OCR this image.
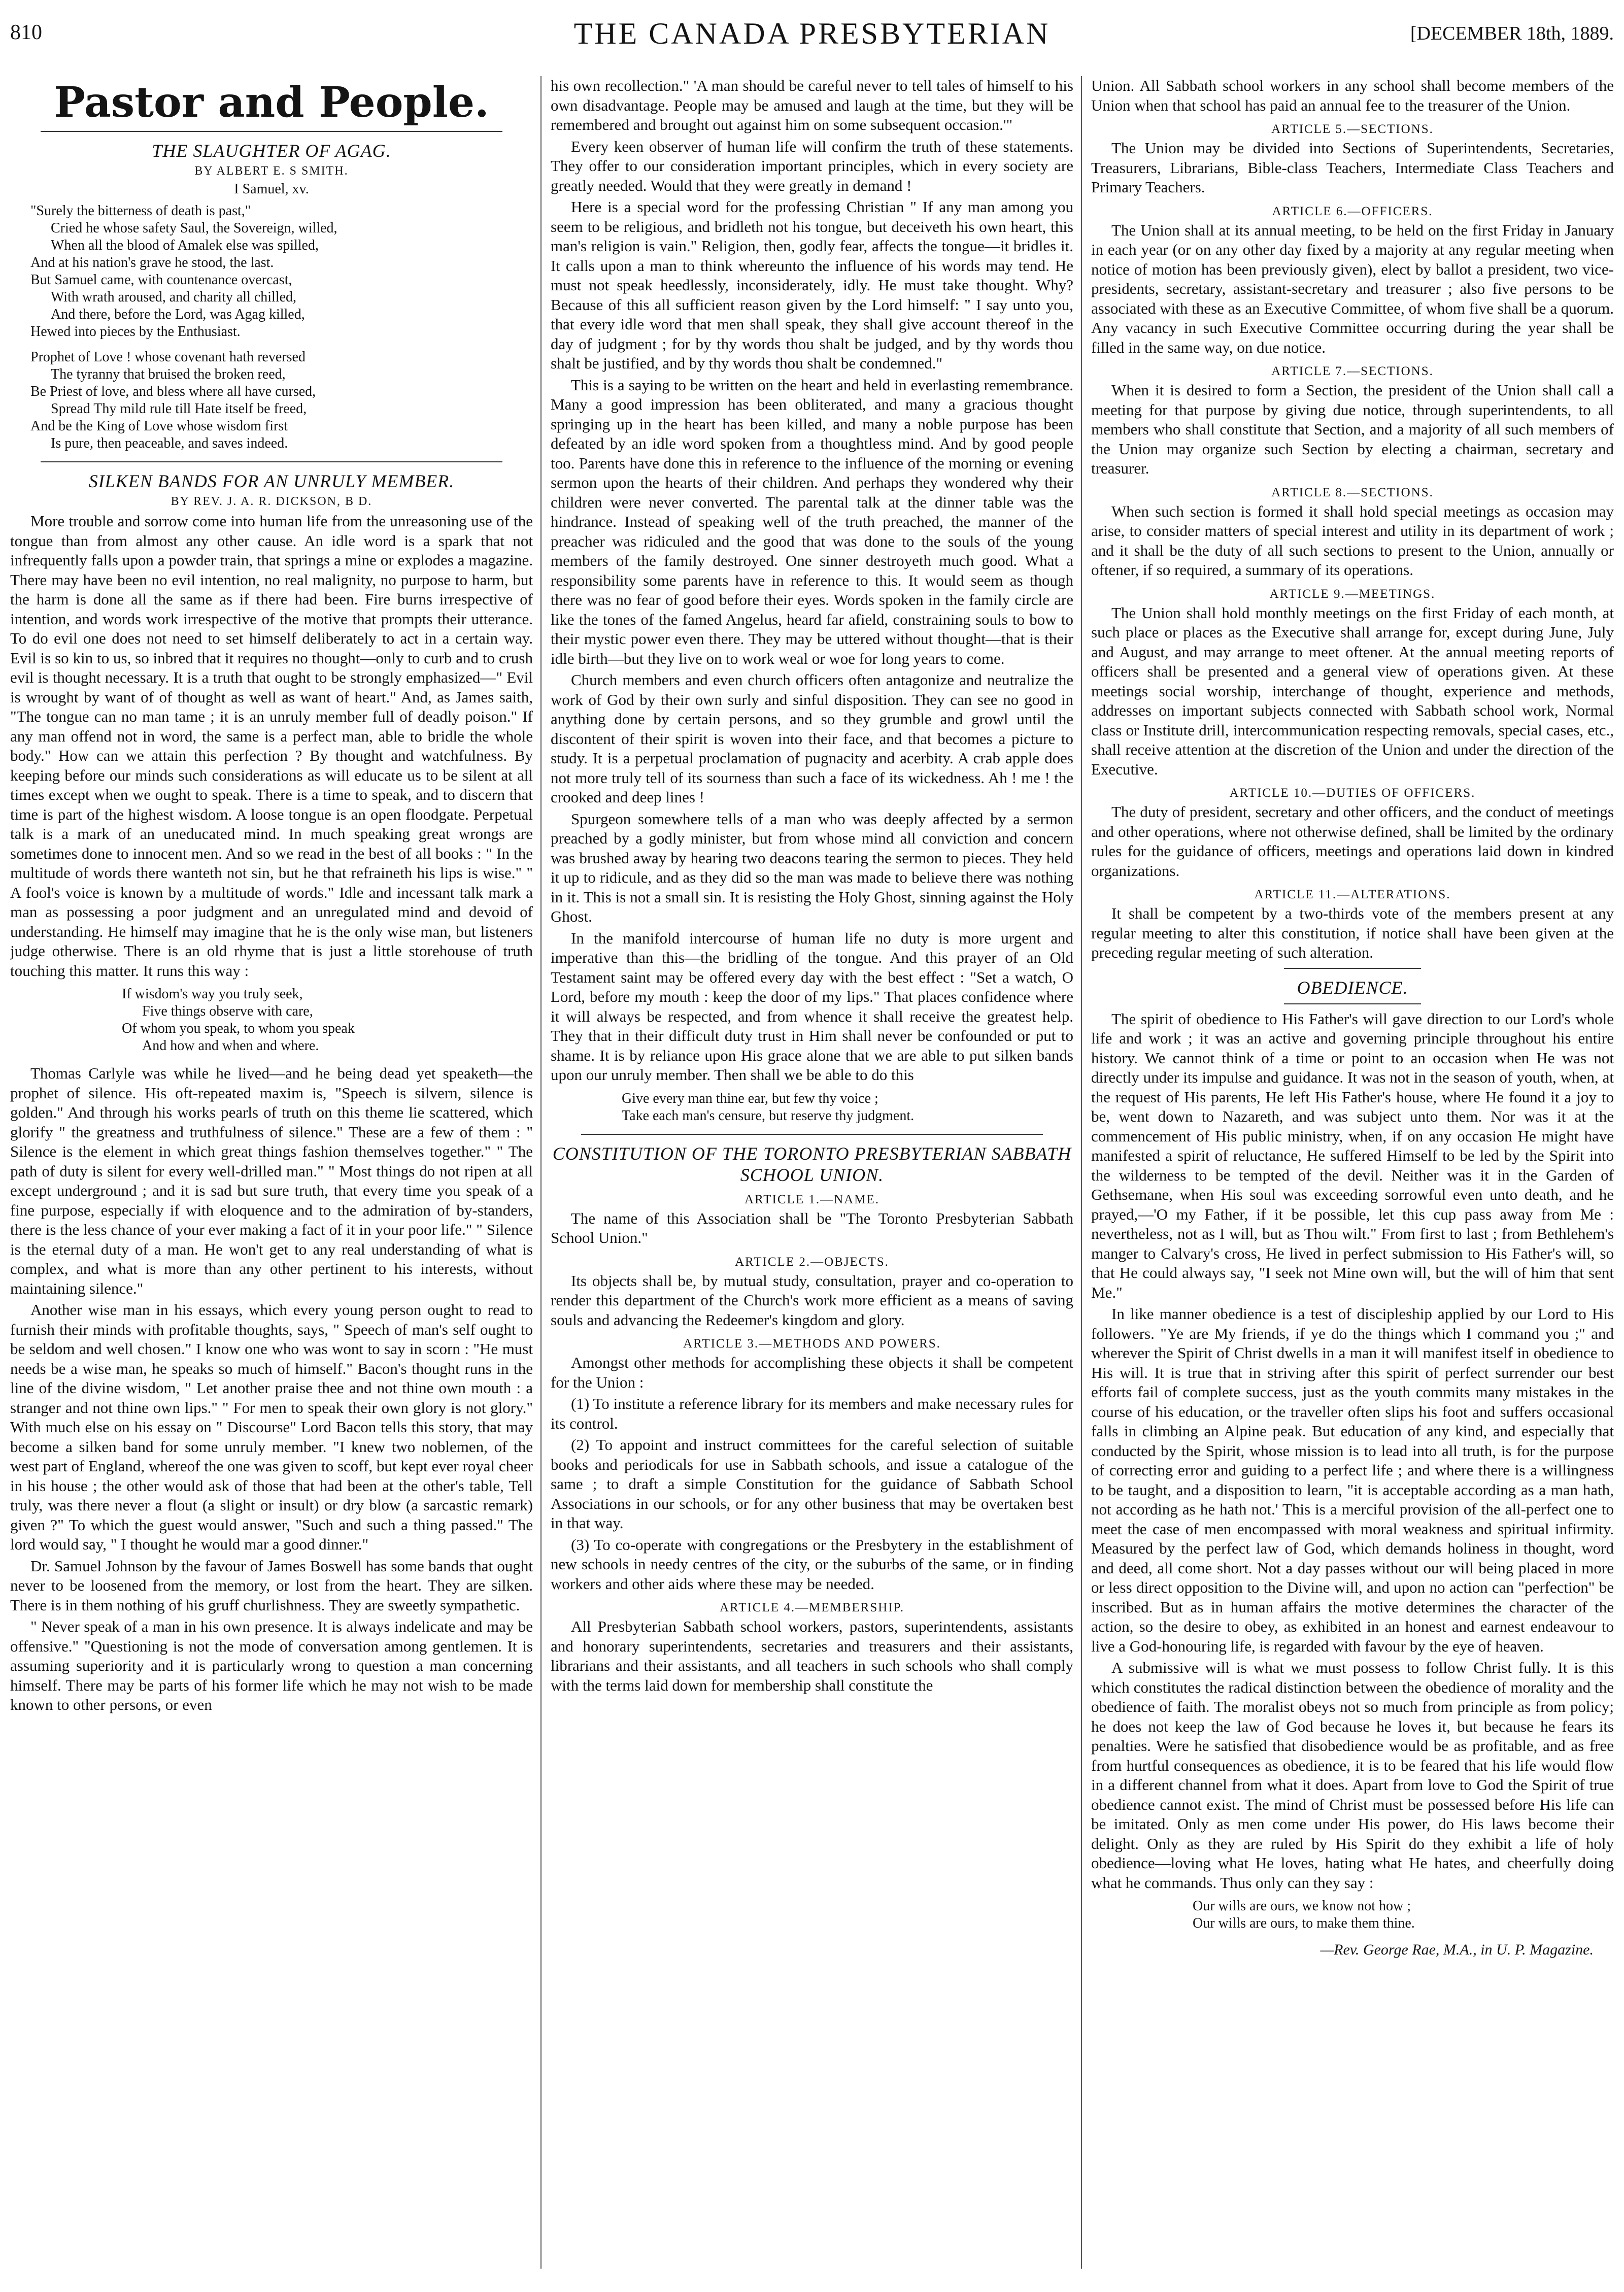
810	THE CANADA PRESBYTERIAN	[DECEMBER 18th, 1889.
Pastor and People.
THE SLAUGHTER OF AGAG.
BY ALBERT E. S SMITH.
I Samuel, xv.
"Surely the bitterness of death is past,"
Cried he whose safety Saul, the Sovereign, willed,
When all the blood of Amalek else was spilled,
And at his nation's grave he stood, the last.
But Samuel came, with countenance overcast,
With wrath aroused, and charity all chilled,
And there, before the Lord, was Agag killed,
Hewed into pieces by the Enthusiast.
Prophet of Love ! whose covenant hath reversed
The tyranny that bruised the broken reed,
Be Priest of love, and bless where all have cursed,
Spread Thy mild rule till Hate itself be freed,
And be the King of Love whose wisdom first
Is pure, then peaceable, and saves indeed.
SILKEN BANDS FOR AN UNRULY MEMBER.
BY REV. J. A. R. DICKSON, B D.

More trouble and sorrow come into human life from the unreasoning use of the tongue than from almost any other cause. An idle word is a spark that not infrequently falls upon a powder train, that springs a mine or explodes a magazine. There may have been no evil intention, no real malignity, no purpose to harm, but the harm is done all the same as if there had been. Fire burns irrespective of intention, and words work irrespective of the motive that prompts their utterance. To do evil one does not need to set himself deliberately to act in a certain way. Evil is so kin to us, so inbred that it requires no thought—only to curb and to crush evil is thought necessary. It is a truth that ought to be strongly emphasized—" Evil is wrought by want of of thought as well as want of heart." And, as James saith, "The tongue can no man tame ; it is an unruly member full of deadly poison." If any man offend not in word, the same is a perfect man, able to bridle the whole body." How can we attain this perfection ? By thought and watchfulness. By keeping before our minds such considerations as will educate us to be silent at all times except when we ought to speak. There is a time to speak, and to discern that time is part of the highest wisdom. A loose tongue is an open floodgate. Perpetual talk is a mark of an uneducated mind. In much speaking great wrongs are sometimes done to innocent men. And so we read in the best of all books : " In the multitude of words there wanteth not sin, but he that refraineth his lips is wise." " A fool's voice is known by a multitude of words." Idle and incessant talk mark a man as possessing a poor judgment and an unregulated mind and devoid of understanding. He himself may imagine that he is the only wise man, but listeners judge otherwise. There is an old rhyme that is just a little storehouse of truth touching this matter. It runs this way :

If wisdom's way you truly seek,
Five things observe with care,
Of whom you speak, to whom you speak
And how and when and where.

Thomas Carlyle was while he lived—and he being dead yet speaketh—the prophet of silence. His oft-repeated maxim is, "Speech is silvern, silence is golden." And through his works pearls of truth on this theme lie scattered, which glorify " the greatness and truthfulness of silence." These are a few of them : " Silence is the element in which great things fashion themselves together." " The path of duty is silent for every well-drilled man." " Most things do not ripen at all except underground ; and it is sad but sure truth, that every time you speak of a fine purpose, especially if with eloquence and to the admiration of by-standers, there is the less chance of your ever making a fact of it in your poor life." " Silence is the eternal duty of a man. He won't get to any real understanding of what is complex, and what is more than any other pertinent to his interests, without maintaining silence."

Another wise man in his essays, which every young person ought to read to furnish their minds with profitable thoughts, says, " Speech of man's self ought to be seldom and well chosen." I know one who was wont to say in scorn : "He must needs be a wise man, he speaks so much of himself." Bacon's thought runs in the line of the divine wisdom, " Let another praise thee and not thine own mouth : a stranger and not thine own lips." " For men to speak their own glory is not glory." With much else on his essay on " Discourse" Lord Bacon tells this story, that may become a silken band for some unruly member. "I knew two noblemen, of the west part of England, whereof the one was given to scoff, but kept ever royal cheer in his house ; the other would ask of those that had been at the other's table, Tell truly, was there never a flout (a slight or insult) or dry blow (a sarcastic remark) given ?" To which the guest would answer, "Such and such a thing passed." The lord would say, " I thought he would mar a good dinner."

Dr. Samuel Johnson by the favour of James Boswell has some bands that ought never to be loosened from the memory, or lost from the heart. They are silken. There is in them nothing of his gruff churlishness. They are sweetly sympathetic.

" Never speak of a man in his own presence. It is always indelicate and may be offensive." "Questioning is not the mode of conversation among gentlemen. It is assuming superiority and it is particularly wrong to question a man concerning himself. There may be parts of his former life which he may not wish to be made known to other persons, or even

his own recollection." 'A man should be careful never to tell tales of himself to his own disadvantage. People may be amused and laugh at the time, but they will be remembered and brought out against him on some subsequent occasion.'"

Every keen observer of human life will confirm the truth of these statements. They offer to our consideration important principles, which in every society are greatly needed. Would that they were greatly in demand !

Here is a special word for the professing Christian " If any man among you seem to be religious, and bridleth not his tongue, but deceiveth his own heart, this man's religion is vain." Religion, then, godly fear, affects the tongue—it bridles it. It calls upon a man to think whereunto the influence of his words may tend. He must not speak heedlessly, inconsiderately, idly. He must take thought. Why? Because of this all sufficient reason given by the Lord himself: " I say unto you, that every idle word that men shall speak, they shall give account thereof in the day of judgment ; for by thy words thou shalt be judged, and by thy words thou shalt be justified, and by thy words thou shalt be condemned."

This is a saying to be written on the heart and held in everlasting remembrance. Many a good impression has been obliterated, and many a gracious thought springing up in the heart has been killed, and many a noble purpose has been defeated by an idle word spoken from a thoughtless mind. And by good people too. Parents have done this in reference to the influence of the morning or evening sermon upon the hearts of their children. And perhaps they wondered why their children were never converted. The parental talk at the dinner table was the hindrance. Instead of speaking well of the truth preached, the manner of the preacher was ridiculed and the good that was done to the souls of the young members of the family destroyed. One sinner destroyeth much good. What a responsibility some parents have in reference to this. It would seem as though there was no fear of good before their eyes. Words spoken in the family circle are like the tones of the famed Angelus, heard far afield, constraining souls to bow to their mystic power even there. They may be uttered without thought—that is their idle birth—but they live on to work weal or woe for long years to come.

Church members and even church officers often antagonize and neutralize the work of God by their own surly and sinful disposition. They can see no good in anything done by certain persons, and so they grumble and growl until the discontent of their spirit is woven into their face, and that becomes a picture to study. It is a perpetual proclamation of pugnacity and acerbity. A crab apple does not more truly tell of its sourness than such a face of its wickedness. Ah ! me ! the crooked and deep lines !

Spurgeon somewhere tells of a man who was deeply affected by a sermon preached by a godly minister, but from whose mind all conviction and concern was brushed away by hearing two deacons tearing the sermon to pieces. They held it up to ridicule, and as they did so the man was made to believe there was nothing in it. This is not a small sin. It is resisting the Holy Ghost, sinning against the Holy Ghost.

In the manifold intercourse of human life no duty is more urgent and imperative than this—the bridling of the tongue. And this prayer of an Old Testament saint may be offered every day with the best effect : "Set a watch, O Lord, before my mouth : keep the door of my lips." That places confidence where it will always be respected, and from whence it shall receive the greatest help. They that in their difficult duty trust in Him shall never be confounded or put to shame. It is by reliance upon His grace alone that we are able to put silken bands upon our unruly member. Then shall we be able to do this

Give every man thine ear, but few thy voice ;
Take each man's censure, but reserve thy judgment.
CONSTITUTION OF THE TORONTO PRESBYTERIAN SABBATH SCHOOL UNION.
ARTICLE 1.—NAME.

The name of this Association shall be "The Toronto Presbyterian Sabbath School Union."

ARTICLE 2.—OBJECTS.

Its objects shall be, by mutual study, consultation, prayer and co-operation to render this department of the Church's work more efficient as a means of saving souls and advancing the Redeemer's kingdom and glory.

ARTICLE 3.—METHODS AND POWERS.

Amongst other methods for accomplishing these objects it shall be competent for the Union :

(1) To institute a reference library for its members and make necessary rules for its control.

(2) To appoint and instruct committees for the careful selection of suitable books and periodicals for use in Sabbath schools, and issue a catalogue of the same ; to draft a simple Constitution for the guidance of Sabbath School Associations in our schools, or for any other business that may be overtaken best in that way.

(3) To co-operate with congregations or the Presbytery in the establishment of new schools in needy centres of the city, or the suburbs of the same, or in finding workers and other aids where these may be needed.

ARTICLE 4.—MEMBERSHIP.

All Presbyterian Sabbath school workers, pastors, superintendents, assistants and honorary superintendents, secretaries and treasurers and their assistants, librarians and their assistants, and all teachers in such schools who shall comply with the terms laid down for membership shall constitute the

Union. All Sabbath school workers in any school shall become members of the Union when that school has paid an annual fee to the treasurer of the Union.

ARTICLE 5.—SECTIONS.

The Union may be divided into Sections of Superintendents, Secretaries, Treasurers, Librarians, Bible-class Teachers, Intermediate Class Teachers and Primary Teachers.

ARTICLE 6.—OFFICERS.

The Union shall at its annual meeting, to be held on the first Friday in January in each year (or on any other day fixed by a majority at any regular meeting when notice of motion has been previously given), elect by ballot a president, two vice-presidents, secretary, assistant-secretary and treasurer ; also five persons to be associated with these as an Executive Committee, of whom five shall be a quorum. Any vacancy in such Executive Committee occurring during the year shall be filled in the same way, on due notice.

ARTICLE 7.—SECTIONS.

When it is desired to form a Section, the president of the Union shall call a meeting for that purpose by giving due notice, through superintendents, to all members who shall constitute that Section, and a majority of all such members of the Union may organize such Section by electing a chairman, secretary and treasurer.

ARTICLE 8.—SECTIONS.

When such section is formed it shall hold special meetings as occasion may arise, to consider matters of special interest and utility in its department of work ; and it shall be the duty of all such sections to present to the Union, annually or oftener, if so required, a summary of its operations.

ARTICLE 9.—MEETINGS.

The Union shall hold monthly meetings on the first Friday of each month, at such place or places as the Executive shall arrange for, except during June, July and August, and may arrange to meet oftener. At the annual meeting reports of officers shall be presented and a general view of operations given. At these meetings social worship, interchange of thought, experience and methods, addresses on important subjects connected with Sabbath school work, Normal class or Institute drill, intercommunication respecting removals, special cases, etc., shall receive attention at the discretion of the Union and under the direction of the Executive.

ARTICLE 10.—DUTIES OF OFFICERS.

The duty of president, secretary and other officers, and the conduct of meetings and other operations, where not otherwise defined, shall be limited by the ordinary rules for the guidance of officers, meetings and operations laid down in kindred organizations.

ARTICLE 11.—ALTERATIONS.

It shall be competent by a two-thirds vote of the members present at any regular meeting to alter this constitution, if notice shall have been given at the preceding regular meeting of such alteration.

OBEDIENCE.

The spirit of obedience to His Father's will gave direction to our Lord's whole life and work ; it was an active and governing principle throughout his entire history. We cannot think of a time or point to an occasion when He was not directly under its impulse and guidance. It was not in the season of youth, when, at the request of His parents, He left His Father's house, where He found it a joy to be, went down to Nazareth, and was subject unto them. Nor was it at the commencement of His public ministry, when, if on any occasion He might have manifested a spirit of reluctance, He suffered Himself to be led by the Spirit into the wilderness to be tempted of the devil. Neither was it in the Garden of Gethsemane, when His soul was exceeding sorrowful even unto death, and he prayed,—'O my Father, if it be possible, let this cup pass away from Me : nevertheless, not as I will, but as Thou wilt." From first to last ; from Bethlehem's manger to Calvary's cross, He lived in perfect submission to His Father's will, so that He could always say, "I seek not Mine own will, but the will of him that sent Me."

In like manner obedience is a test of discipleship applied by our Lord to His followers. "Ye are My friends, if ye do the things which I command you ;" and wherever the Spirit of Christ dwells in a man it will manifest itself in obedience to His will. It is true that in striving after this spirit of perfect surrender our best efforts fail of complete success, just as the youth commits many mistakes in the course of his education, or the traveller often slips his foot and suffers occasional falls in climbing an Alpine peak. But education of any kind, and especially that conducted by the Spirit, whose mission is to lead into all truth, is for the purpose of correcting error and guiding to a perfect life ; and where there is a willingness to be taught, and a disposition to learn, "it is acceptable according as a man hath, not according as he hath not.' This is a merciful provision of the all-perfect one to meet the case of men encompassed with moral weakness and spiritual infirmity. Measured by the perfect law of God, which demands holiness in thought, word and deed, all come short. Not a day passes without our will being placed in more or less direct opposition to the Divine will, and upon no action can "perfection" be inscribed. But as in human affairs the motive determines the character of the action, so the desire to obey, as exhibited in an honest and earnest endeavour to live a God-honouring life, is regarded with favour by the eye of heaven.

A submissive will is what we must possess to follow Christ fully. It is this which constitutes the radical distinction between the obedience of morality and the obedience of faith. The moralist obeys not so much from principle as from policy; he does not keep the law of God because he loves it, but because he fears its penalties. Were he satisfied that disobedience would be as profitable, and as free from hurtful consequences as obedience, it is to be feared that his life would flow in a different channel from what it does. Apart from love to God the Spirit of true obedience cannot exist. The mind of Christ must be possessed before His life can be imitated. Only as men come under His power, do His laws become their delight. Only as they are ruled by His Spirit do they exhibit a life of holy obedience—loving what He loves, hating what He hates, and cheerfully doing what he commands. Thus only can they say :

Our wills are ours, we know not how ;
Our wills are ours, to make them thine.
—Rev. George Rae, M.A., in U. P. Magazine.
